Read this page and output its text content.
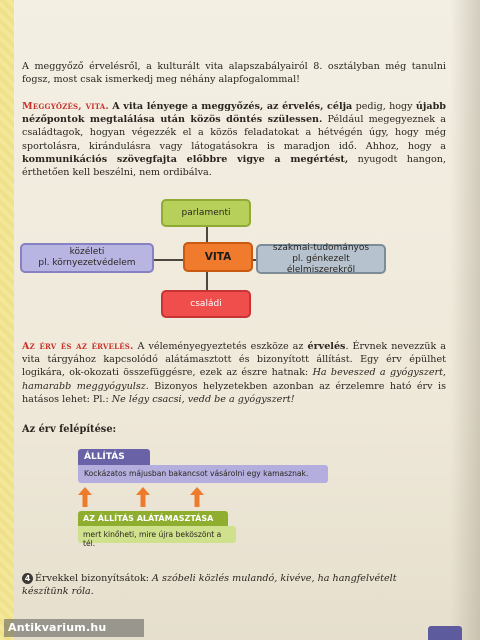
A meggyőző érvelésről, a kulturált vita alapszabályairól 8. osztályban még tanulni fogsz, most csak ismerkedj meg néhány alapfogalommal!

Meggyőzés, vita. A vita lényege a meggyőzés, az érvelés, célja pedig, hogy újabb nézőpontok megtalálása után közös döntés szülessen. Például megegyeznek a családtagok, hogyan végezzék el a közös feladatokat a hétvégén úgy, hogy még sportolásra, kirándulásra vagy látogatásokra is maradjon idő. Ahhoz, hogy a kommunikációs szövegfajta előbbre vigye a megértést, nyugodt hangon, érthetően kell beszélni, nem ordibálva.

parlamenti
közéleti
pl. környezetvédelem
VITA
szakmai-tudományos
pl. génkezelt élelmiszerekről
családi

Az érv és az érvelés. A véleményegyeztetés eszköze az érvelés. Érvnek nevezzük a vita tárgyához kapcsolódó alátámasztott és bizonyított állítást. Egy érv épülhet logikára, ok-okozati összefüggésre, ezek az észre hatnak: Ha beveszed a gyógyszert, hamarabb meggyógyulsz. Bizonyos helyzetekben azonban az érzelemre ható érv is hatásos lehet: Pl.: Ne légy csacsi, vedd be a gyógyszert!

Az érv felépítése:
ÁLLÍTÁS
Kockázatos májusban bakancsot vásárolni egy kamasznak.
AZ ÁLLÍTÁS ALÁTÁMASZTÁSA
mert kinőheti, mire újra beköszönt a tél.

4 Érvekkel bizonyítsátok: A szóbeli közlés mulandó, kivéve, ha hangfelvételt készítünk róla.

Antikvarium.hu
